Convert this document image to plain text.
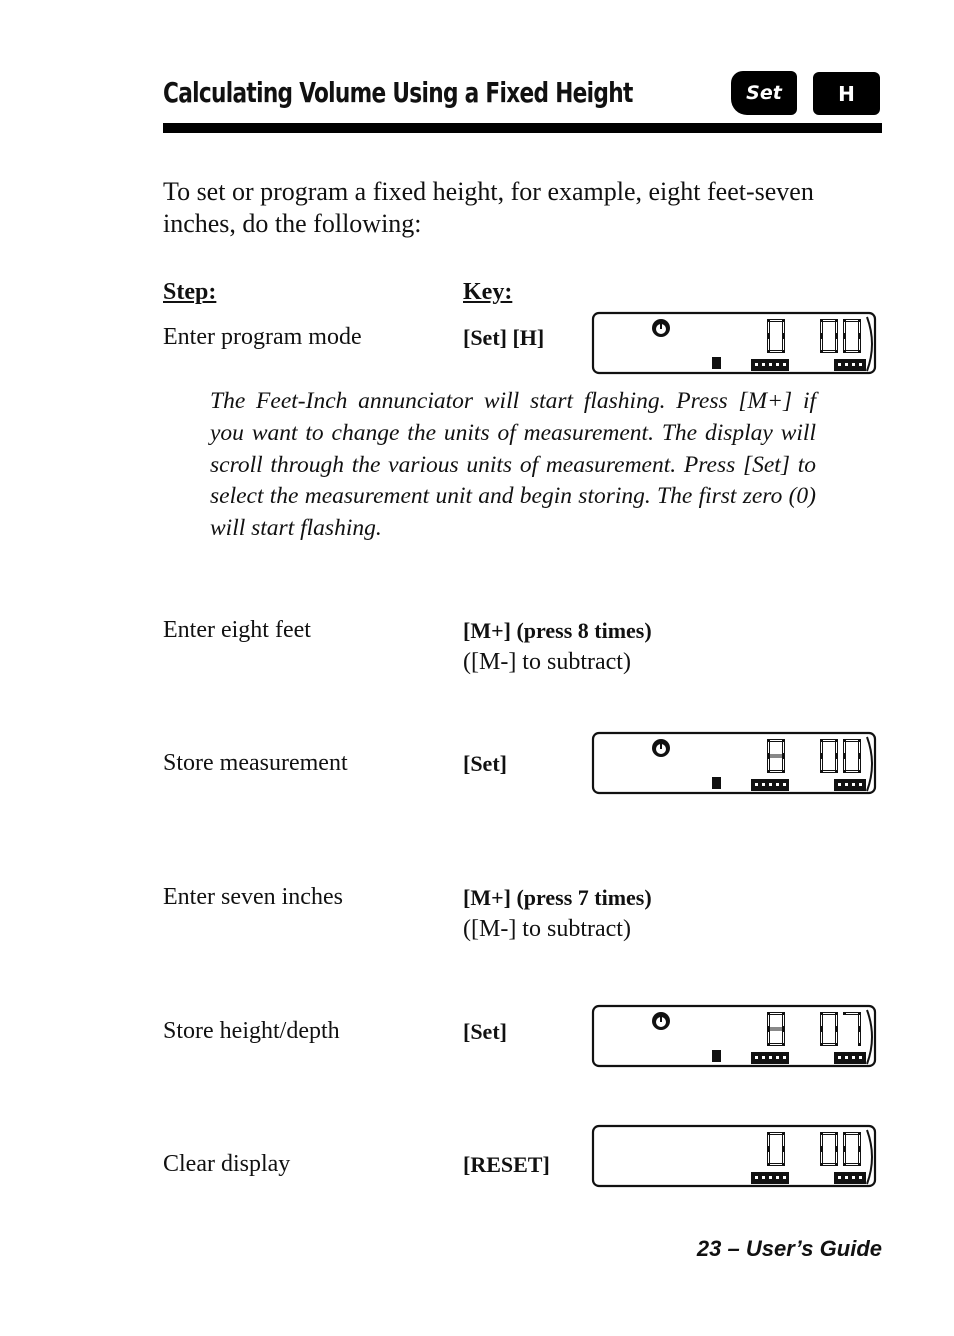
Calculating Volume Using a Fixed Height	Set	H
To set or program a fixed height, for example, eight feet-seven inches, do the following:
Step:	Key:
Enter program mode	[Set] [H]
The Feet-Inch annunciator will start flashing. Press [M+] if you want to change the units of measurement. The display will scroll through the various units of measurement. Press [Set] to select the measurement unit and begin storing. The first zero (0) will start flashing.
Enter eight feet	[M+] (press 8 times)
([M-] to subtract)
Store measurement	[Set]
Enter seven inches	[M+] (press 7 times)
([M-] to subtract)
Store height/depth	[Set]
Clear display	[RESET]
23 – User’s Guide
